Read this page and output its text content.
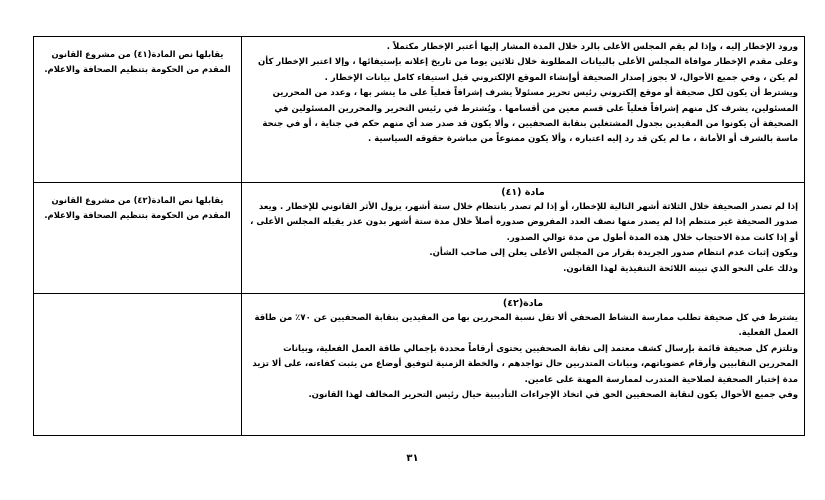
يقابلها نص المادة(٤١) من مشروع القانون المقدم من الحكومة بتنظيم الصحافة والاعلام.	ورود الإخطار إليه ، وإذا لم يقم المجلس الأعلى بالرد خلال المدة المشار إليها أعتبر الإخطار مكتملاً .

وعلى مقدم الإخطار موافاة المجلس الأعلى بالبيانات المطلوبة خلال ثلاثين يوما من تاريخ إعلانه بإستيفائها ، وإلا اعتبر الإخطار كأن لم يكن ، وفي جميع الأحوال، لا يجوز إصدار الصحيفة أوإنشاء الموقع الإلكتروني قبل استيفاء كامل بيانات الإخطار .

ويشترط أن يكون لكل صحيفة أو موقع إلكتروني رئيس تحرير مسئولاً يشرف إشرافاً فعلياً على ما ينشر بها ، وعدد من المحررين المسئولين، يشرف كل منهم إشرافاً فعلياً على قسم معين من أقسامها . ويُشترط في رئيس التحرير والمحررين المسئولين في الصحيفة أن يكونوا من المقيدين بجدول المشتغلين بنقابة الصحفيين ، وألا يكون قد صدر ضد أي منهم حكم في جناية ، أو في جنحة ماسة بالشرف أو الأمانة ، ما لم يكن قد رد إليه اعتباره ، وألا يكون ممنوعاً من مباشرة حقوقه السياسية .

يقابلها نص المادة(٤٢) من مشروع القانون المقدم من الحكومة بتنظيم الصحافة والاعلام.	مادة (٤١)

إذا لم تصدر الصحيفة خلال الثلاثة أشهر التالية للإخطار، أو إذا لم تصدر بانتظام خلال ستة أشهر، يزول الأثر القانوني للإخطار . ويعد صدور الصحيفة غير منتظم إذا لم يصدر منها نصف العدد المفروض صدوره أصلاً خلال مدة ستة أشهر بدون عذر يقبله المجلس الأعلى ، أو إذا كانت مدة الاحتجاب خلال هذه المدة أطول من مدة توالي الصدور.

ويكون إثبات عدم انتظام صدور الجريدة بقرار من المجلس الأعلى يعلن إلى صاحب الشأن.

وذلك على النحو الذي تبينه اللائحة التنفيذية لهذا القانون.

	مادة(٤٢)

يشترط في كل صحيفة تطلب ممارسة النشاط الصحفي ألا تقل نسبة المحررين بها من المقيدين بنقابة الصحفيين عن ٧٠٪ من طاقة العمل الفعلية.

وتلتزم كل صحيفة قائمة بإرسال كشف معتمد إلى نقابة الصحفيين يحتوى أرقاماً محددة بإجمالي طاقة العمل الفعلية، وبيانات المحررين النقابيين وأرقام عضوياتهم، وبيانات المتدربين حال تواجدهم ، والخطة الزمنية لتوفيق أوضاع من يثبت كفاءته، على ألا تزيد مدة إختبار الصحفية لصلاحية المتدرب لممارسة المهنة على عامين.

وفي جميع الأحوال يكون لنقابة الصحفيين الحق في اتخاذ الإجراءات التأديبية حيال رئيس التحرير المخالف لهذا القانون.

٣١
